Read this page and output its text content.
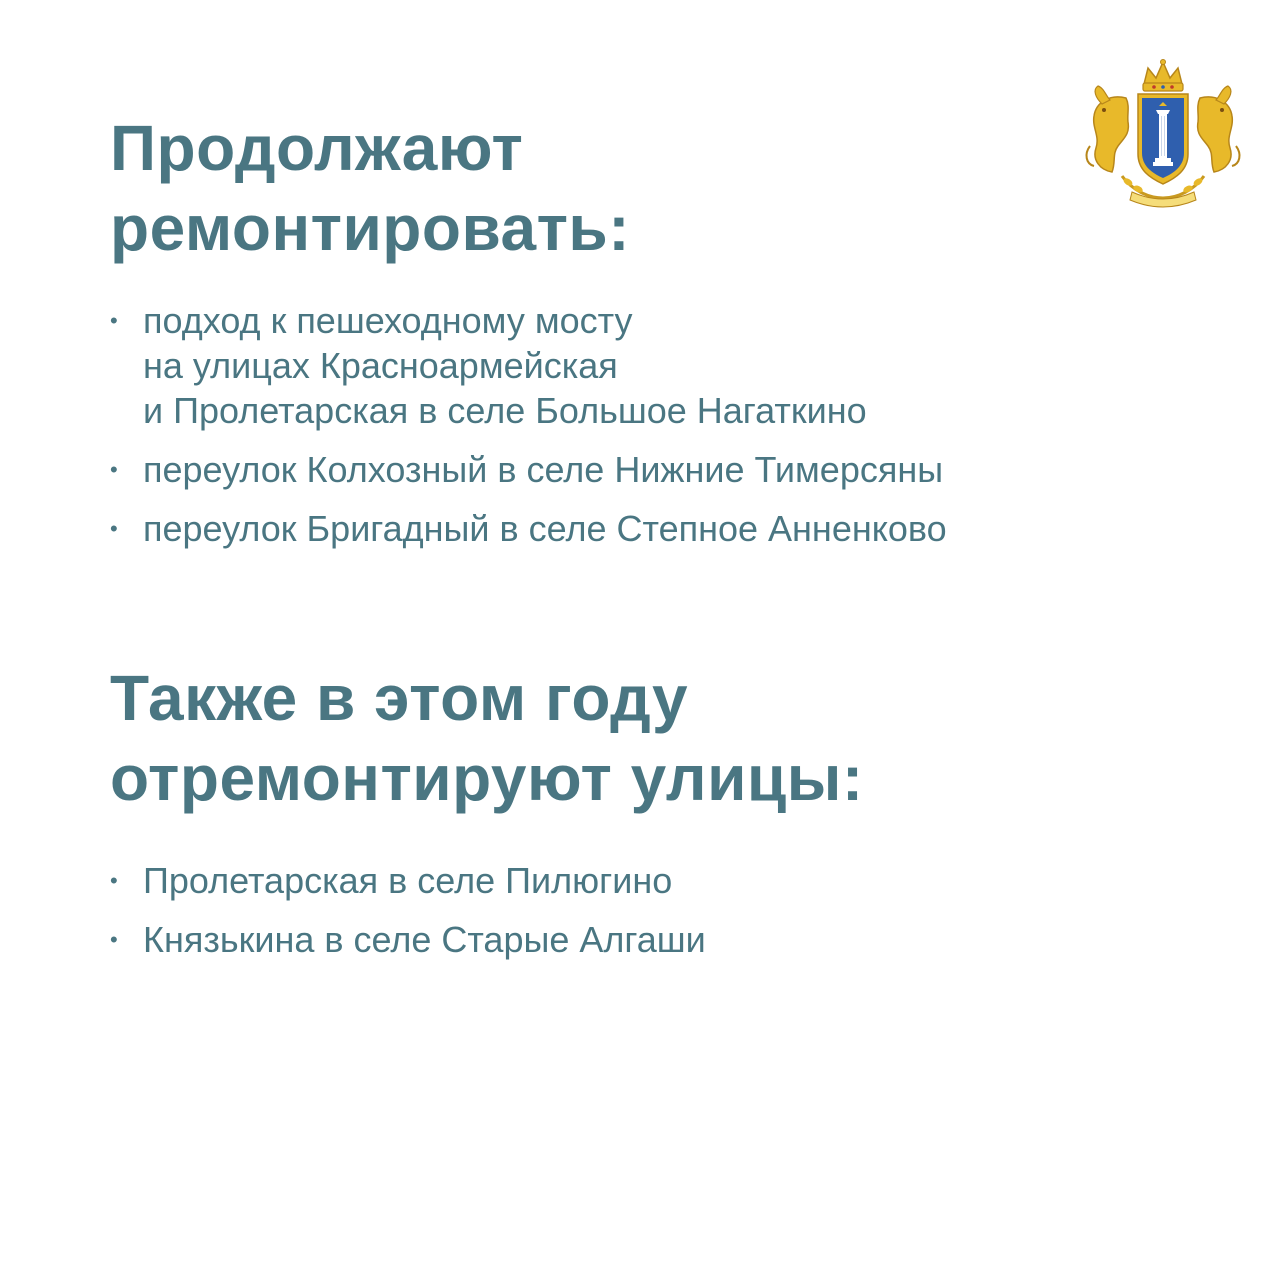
Продолжают
ремонтировать:
• подход к пешеходному мосту
на улицах Красноармейская
и Пролетарская в селе Большое Нагаткино
• переулок Колхозный в селе Нижние Тимерсяны
• переулок Бригадный в селе Степное Анненково
Также в этом году
отремонтируют улицы:
• Пролетарская в селе Пилюгино
• Князькина в селе Старые Алгаши
